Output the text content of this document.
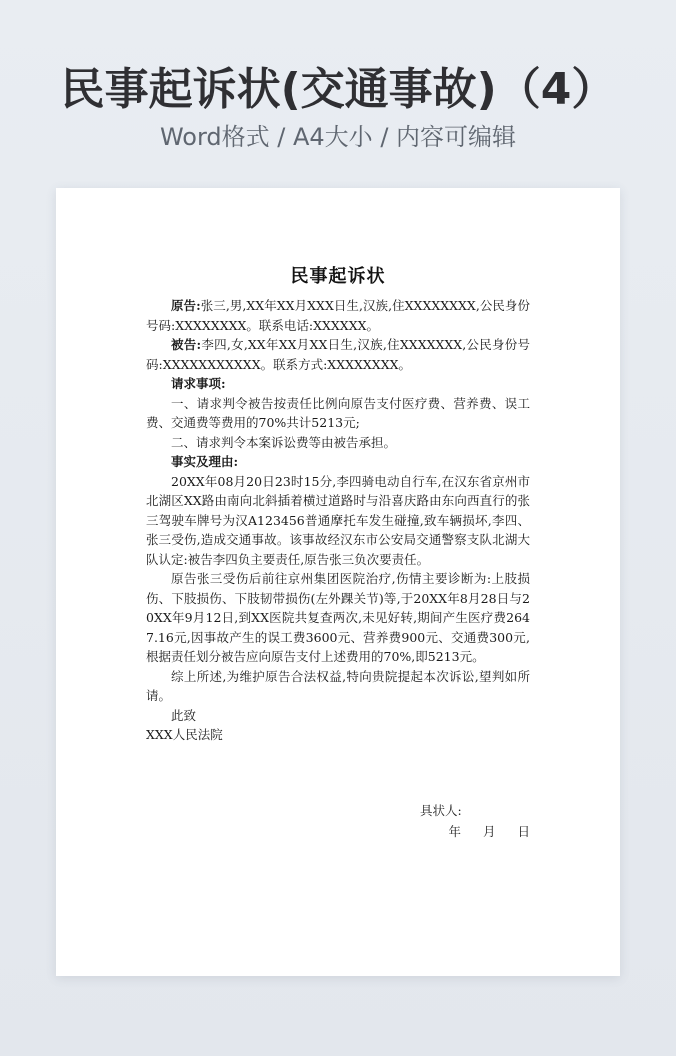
民事起诉状(交通事故)（4）
Word格式 / A4大小 / 内容可编辑
民事起诉状

原告:张三,男,XX年XX月XXX日生,汉族,住XXXXXXXX,公民身份号码:XXXXXXXX。联系电话:XXXXXX。

被告:李四,女,XX年XX月XX日生,汉族,住XXXXXXX,公民身份号码:XXXXXXXXXXX。联系方式:XXXXXXXX。

请求事项:

一、请求判令被告按责任比例向原告支付医疗费、营养费、误工费、交通费等费用的70%共计5213元;

二、请求判令本案诉讼费等由被告承担。

事实及理由:

20XX年08月20日23时15分,李四骑电动自行车,在汉东省京州市北湖区XX路由南向北斜插着横过道路时与沿喜庆路由东向西直行的张三驾驶车牌号为汉A123456普通摩托车发生碰撞,致车辆损坏,李四、张三受伤,造成交通事故。该事故经汉东市公安局交通警察支队北湖大队认定:被告李四负主要责任,原告张三负次要责任。

原告张三受伤后前往京州集团医院治疗,伤情主要诊断为:上肢损伤、下肢损伤、下肢韧带损伤(左外踝关节)等,于20XX年8月28日与20XX年9月12日,到XX医院共复查两次,未见好转,期间产生医疗费2647.16元,因事故产生的误工费3600元、营养费900元、交通费300元,根据责任划分被告应向原告支付上述费用的70%,即5213元。

综上所述,为维护原告合法权益,特向贵院提起本次诉讼,望判如所请。

此致

XXX人民法院

具状人:
年 月 日
